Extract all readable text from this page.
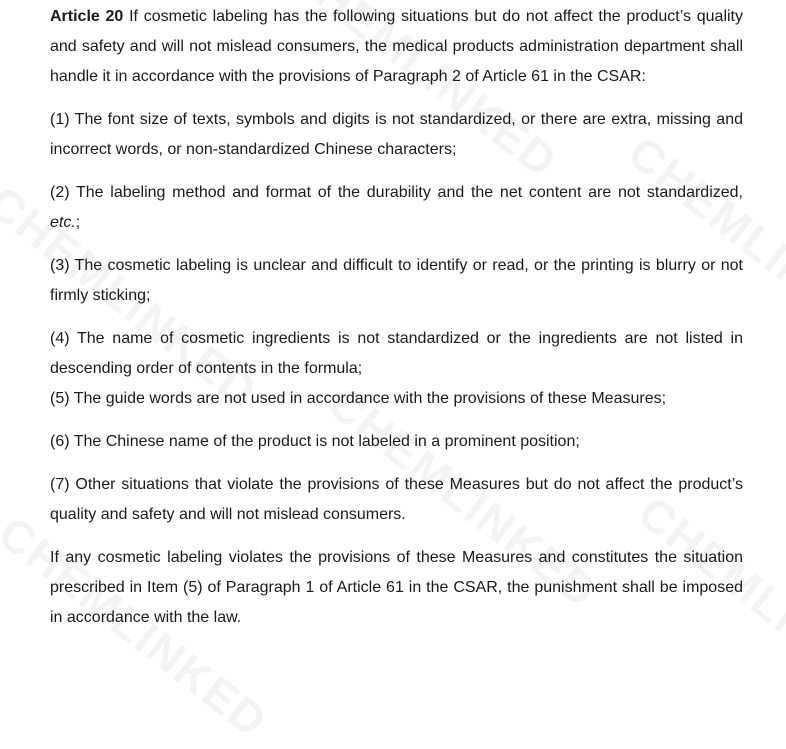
Article 20 If cosmetic labeling has the following situations but do not affect the product’s quality and safety and will not mislead consumers, the medical products administration department shall handle it in accordance with the provisions of Paragraph 2 of Article 61 in the CSAR:

(1) The font size of texts, symbols and digits is not standardized, or there are extra, missing and incorrect words, or non-standardized Chinese characters;

(2) The labeling method and format of the durability and the net content are not standardized, etc.;

(3) The cosmetic labeling is unclear and difficult to identify or read, or the printing is blurry or not firmly sticking;

(4) The name of cosmetic ingredients is not standardized or the ingredients are not listed in descending order of contents in the formula;

(5) The guide words are not used in accordance with the provisions of these Measures;

(6) The Chinese name of the product is not labeled in a prominent position;

(7) Other situations that violate the provisions of these Measures but do not affect the product’s quality and safety and will not mislead consumers.

If any cosmetic labeling violates the provisions of these Measures and constitutes the situation prescribed in Item (5) of Paragraph 1 of Article 61 in the CSAR, the punishment shall be imposed in accordance with the law.
